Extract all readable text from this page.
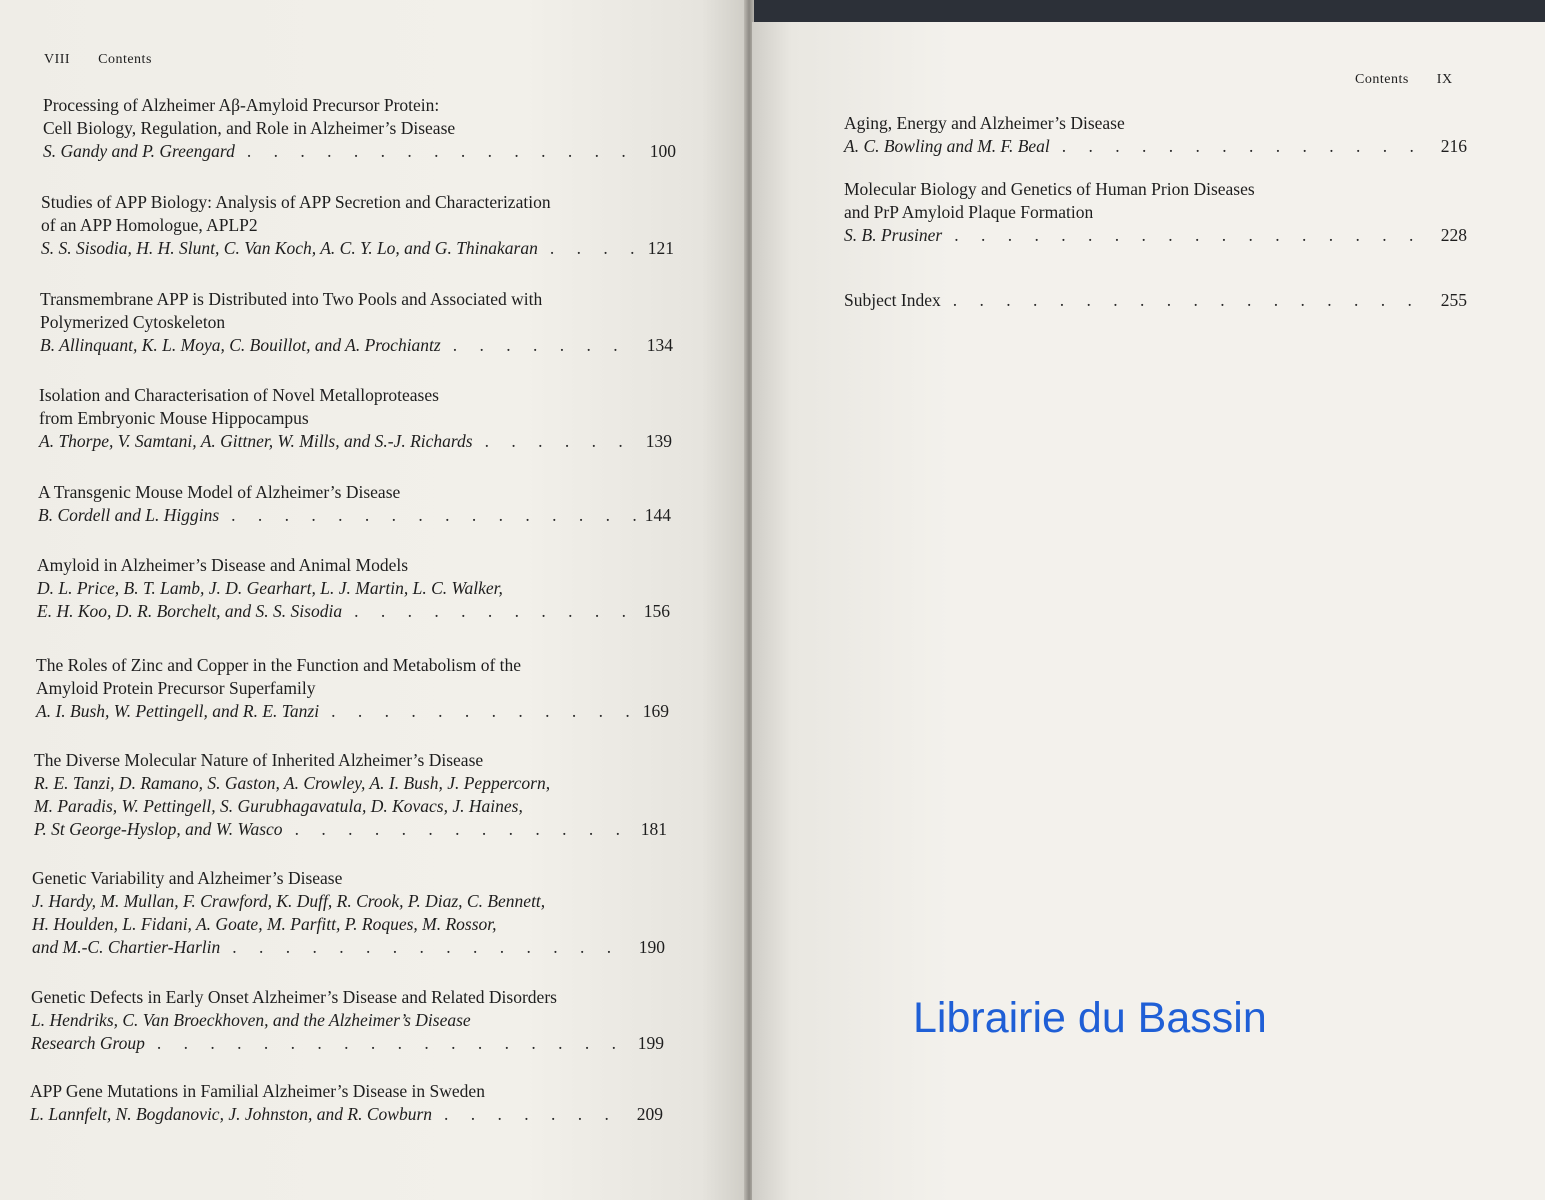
VIII Contents
Processing of Alzheimer Aβ-Amyloid Precursor Protein:
Cell Biology, Regulation, and Role in Alzheimer’s Disease
S. Gandy and P. Greengard . . .	100
Studies of APP Biology: Analysis of APP Secretion and Characterization
of an APP Homologue, APLP2
S. S. Sisodia, H. H. Slunt, C. Van Koch, A. C. Y. Lo, and G. Thinakaran . . .	121
Transmembrane APP is Distributed into Two Pools and Associated with
Polymerized Cytoskeleton
B. Allinquant, K. L. Moya, C. Bouillot, and A. Prochiantz . . .	134
Isolation and Characterisation of Novel Metalloproteases
from Embryonic Mouse Hippocampus
A. Thorpe, V. Samtani, A. Gittner, W. Mills, and S.-J. Richards . . .	139
A Transgenic Mouse Model of Alzheimer’s Disease
B. Cordell and L. Higgins . . .	144
Amyloid in Alzheimer’s Disease and Animal Models
D. L. Price, B. T. Lamb, J. D. Gearhart, L. J. Martin, L. C. Walker,
E. H. Koo, D. R. Borchelt, and S. S. Sisodia . . .	156
The Roles of Zinc and Copper in the Function and Metabolism of the
Amyloid Protein Precursor Superfamily
A. I. Bush, W. Pettingell, and R. E. Tanzi . . .	169
The Diverse Molecular Nature of Inherited Alzheimer’s Disease
R. E. Tanzi, D. Ramano, S. Gaston, A. Crowley, A. I. Bush, J. Peppercorn,
M. Paradis, W. Pettingell, S. Gurubhagavatula, D. Kovacs, J. Haines,
P. St George-Hyslop, and W. Wasco . . .	181
Genetic Variability and Alzheimer’s Disease
J. Hardy, M. Mullan, F. Crawford, K. Duff, R. Crook, P. Diaz, C. Bennett,
H. Houlden, L. Fidani, A. Goate, M. Parfitt, P. Roques, M. Rossor,
and M.-C. Chartier-Harlin . . .	190
Genetic Defects in Early Onset Alzheimer’s Disease and Related Disorders
L. Hendriks, C. Van Broeckhoven, and the Alzheimer’s Disease
Research Group . . .	199
APP Gene Mutations in Familial Alzheimer’s Disease in Sweden
L. Lannfelt, N. Bogdanovic, J. Johnston, and R. Cowburn . . .	209
Contents IX
Aging, Energy and Alzheimer’s Disease
A. C. Bowling and M. F. Beal . . .	216
Molecular Biology and Genetics of Human Prion Diseases
and PrP Amyloid Plaque Formation
S. B. Prusiner . . .	228
Subject Index . . .	255
Librairie du Bassin
